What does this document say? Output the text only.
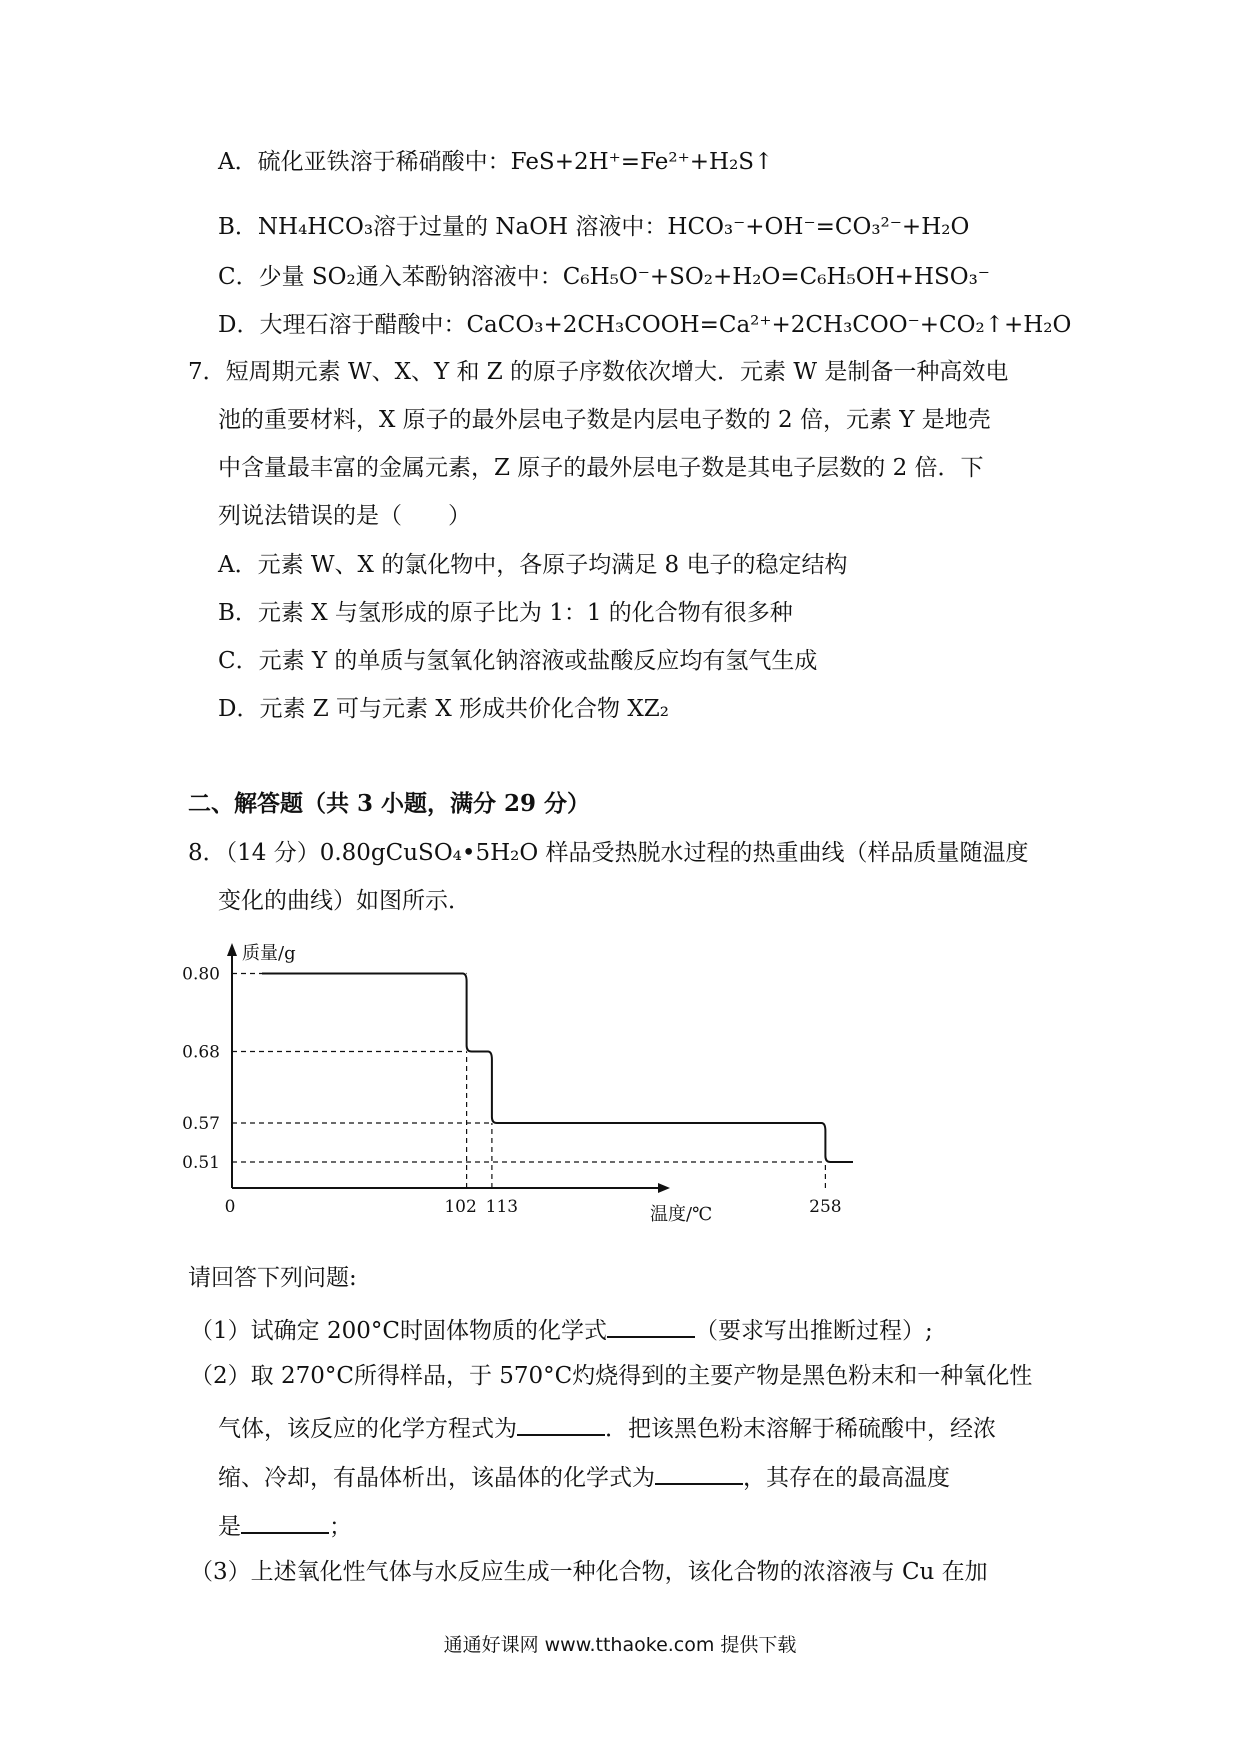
A．硫化亚铁溶于稀硝酸中：FeS+2H⁺=Fe²⁺+H₂S↑
B．NH₄HCO₃溶于过量的 NaOH 溶液中：HCO₃⁻+OH⁻=CO₃²⁻+H₂O
C．少量 SO₂通入苯酚钠溶液中：C₆H₅O⁻+SO₂+H₂O=C₆H₅OH+HSO₃⁻
D．大理石溶于醋酸中：CaCO₃+2CH₃COOH=Ca²⁺+2CH₃COO⁻+CO₂↑+H₂O
7．短周期元素 W、X、Y 和 Z 的原子序数依次增大．元素 W 是制备一种高效电
池的重要材料，X 原子的最外层电子数是内层电子数的 2 倍，元素 Y 是地壳
中含量最丰富的金属元素，Z 原子的最外层电子数是其电子层数的 2 倍．下
列说法错误的是（　　）
A．元素 W、X 的氯化物中，各原子均满足 8 电子的稳定结构
B．元素 X 与氢形成的原子比为 1：1 的化合物有很多种
C．元素 Y 的单质与氢氧化钠溶液或盐酸反应均有氢气生成
D．元素 Z 可与元素 X 形成共价化合物 XZ₂
二、解答题（共 3 小题，满分 29 分）
8．（14 分）0.80gCuSO₄•5H₂O 样品受热脱水过程的热重曲线（样品质量随温度
变化的曲线）如图所示．
质量/g
温度/℃
0.80
0.68
0.57
0.51
0	102 113	258
请回答下列问题:
（1）试确定 200°C时固体物质的化学式	（要求写出推断过程）;
（2）取 270°C所得样品，于 570°C灼烧得到的主要产物是黑色粉末和一种氧化性
气体，该反应的化学方程式为	．把该黑色粉末溶解于稀硫酸中，经浓
缩、冷却，有晶体析出，该晶体的化学式为	，其存在的最高温度
是	；
（3）上述氧化性气体与水反应生成一种化合物，该化合物的浓溶液与 Cu 在加
通通好课网 www.tthaoke.com 提供下载
